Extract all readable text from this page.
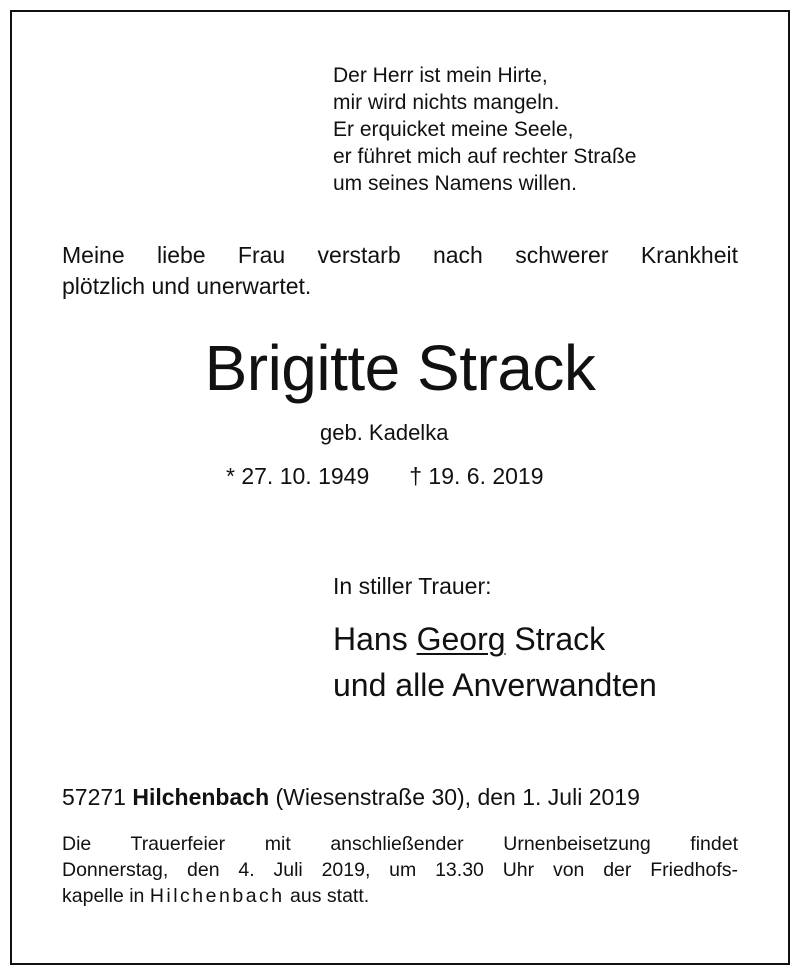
Der Herr ist mein Hirte,
mir wird nichts mangeln.
Er erquicket meine Seele,
er führet mich auf rechter Straße
um seines Namens willen.
Meine liebe Frau verstarb nach schwerer Krankheit
plötzlich und unerwartet.
Brigitte Strack
geb. Kadelka
* 27. 10. 1949 † 19. 6. 2019
In stiller Trauer:
Hans Georg Strack
und alle Anverwandten
57271 Hilchenbach (Wiesenstraße 30), den 1. Juli 2019
Die Trauerfeier mit anschließender Urnenbeisetzung findet
Donnerstag, den 4. Juli 2019, um 13.30 Uhr von der Friedhofs-
kapelle in Hilchenbach aus statt.
